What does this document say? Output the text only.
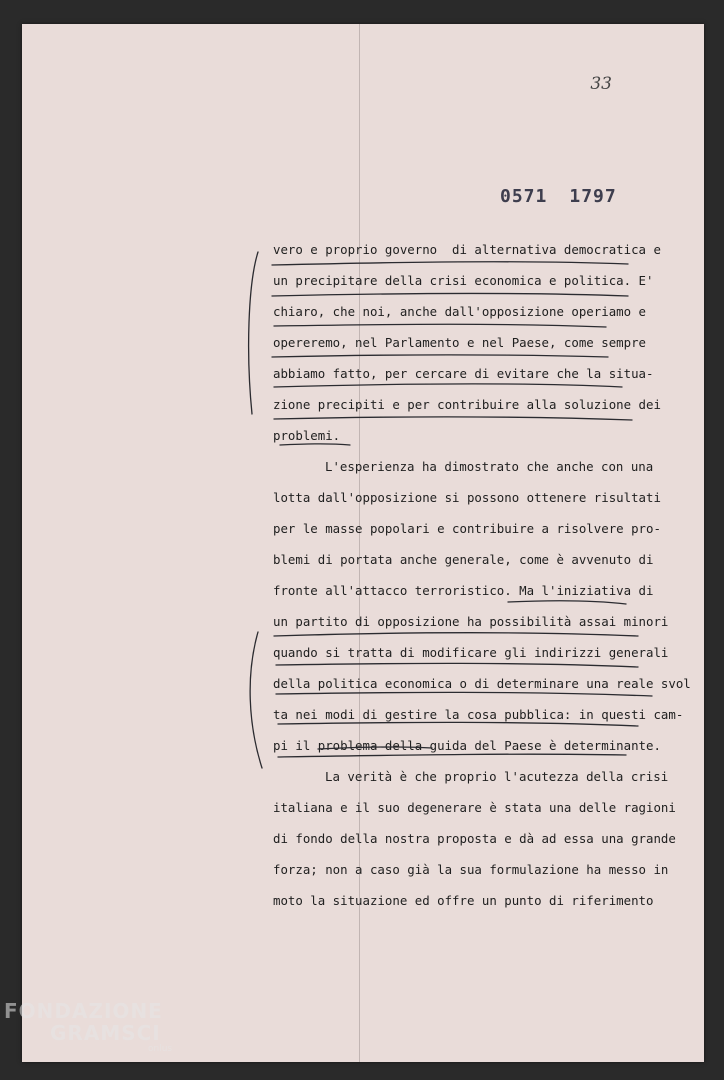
33
0571 1797
vero e proprio governo  di alternativa democratica e
un precipitare della crisi economica e politica. E'
chiaro, che noi, anche dall'opposizione operiamo e
opereremo, nel Parlamento e nel Paese, come sempre
abbiamo fatto, per cercare di evitare che la situa-
zione precipiti e per contribuire alla soluzione dei
problemi.
L'esperienza ha dimostrato che anche con una
lotta dall'opposizione si possono ottenere risultati
per le masse popolari e contribuire a risolvere pro-
blemi di portata anche generale, come è avvenuto di
fronte all'attacco terroristico. Ma l'iniziativa di
un partito di opposizione ha possibilità assai minori
quando si tratta di modificare gli indirizzi generali
della politica economica o di determinare una reale svol
ta nei modi di gestire la cosa pubblica: in questi cam-
pi il problema della guida del Paese è determinante.
La verità è che proprio l'acutezza della crisi
italiana e il suo degenerare è stata una delle ragioni
di fondo della nostra proposta e dà ad essa una grande
forza; non a caso già la sua formulazione ha messo in
moto la situazione ed offre un punto di riferimento
FONDAZIONE
GRAMSCI
onlus
